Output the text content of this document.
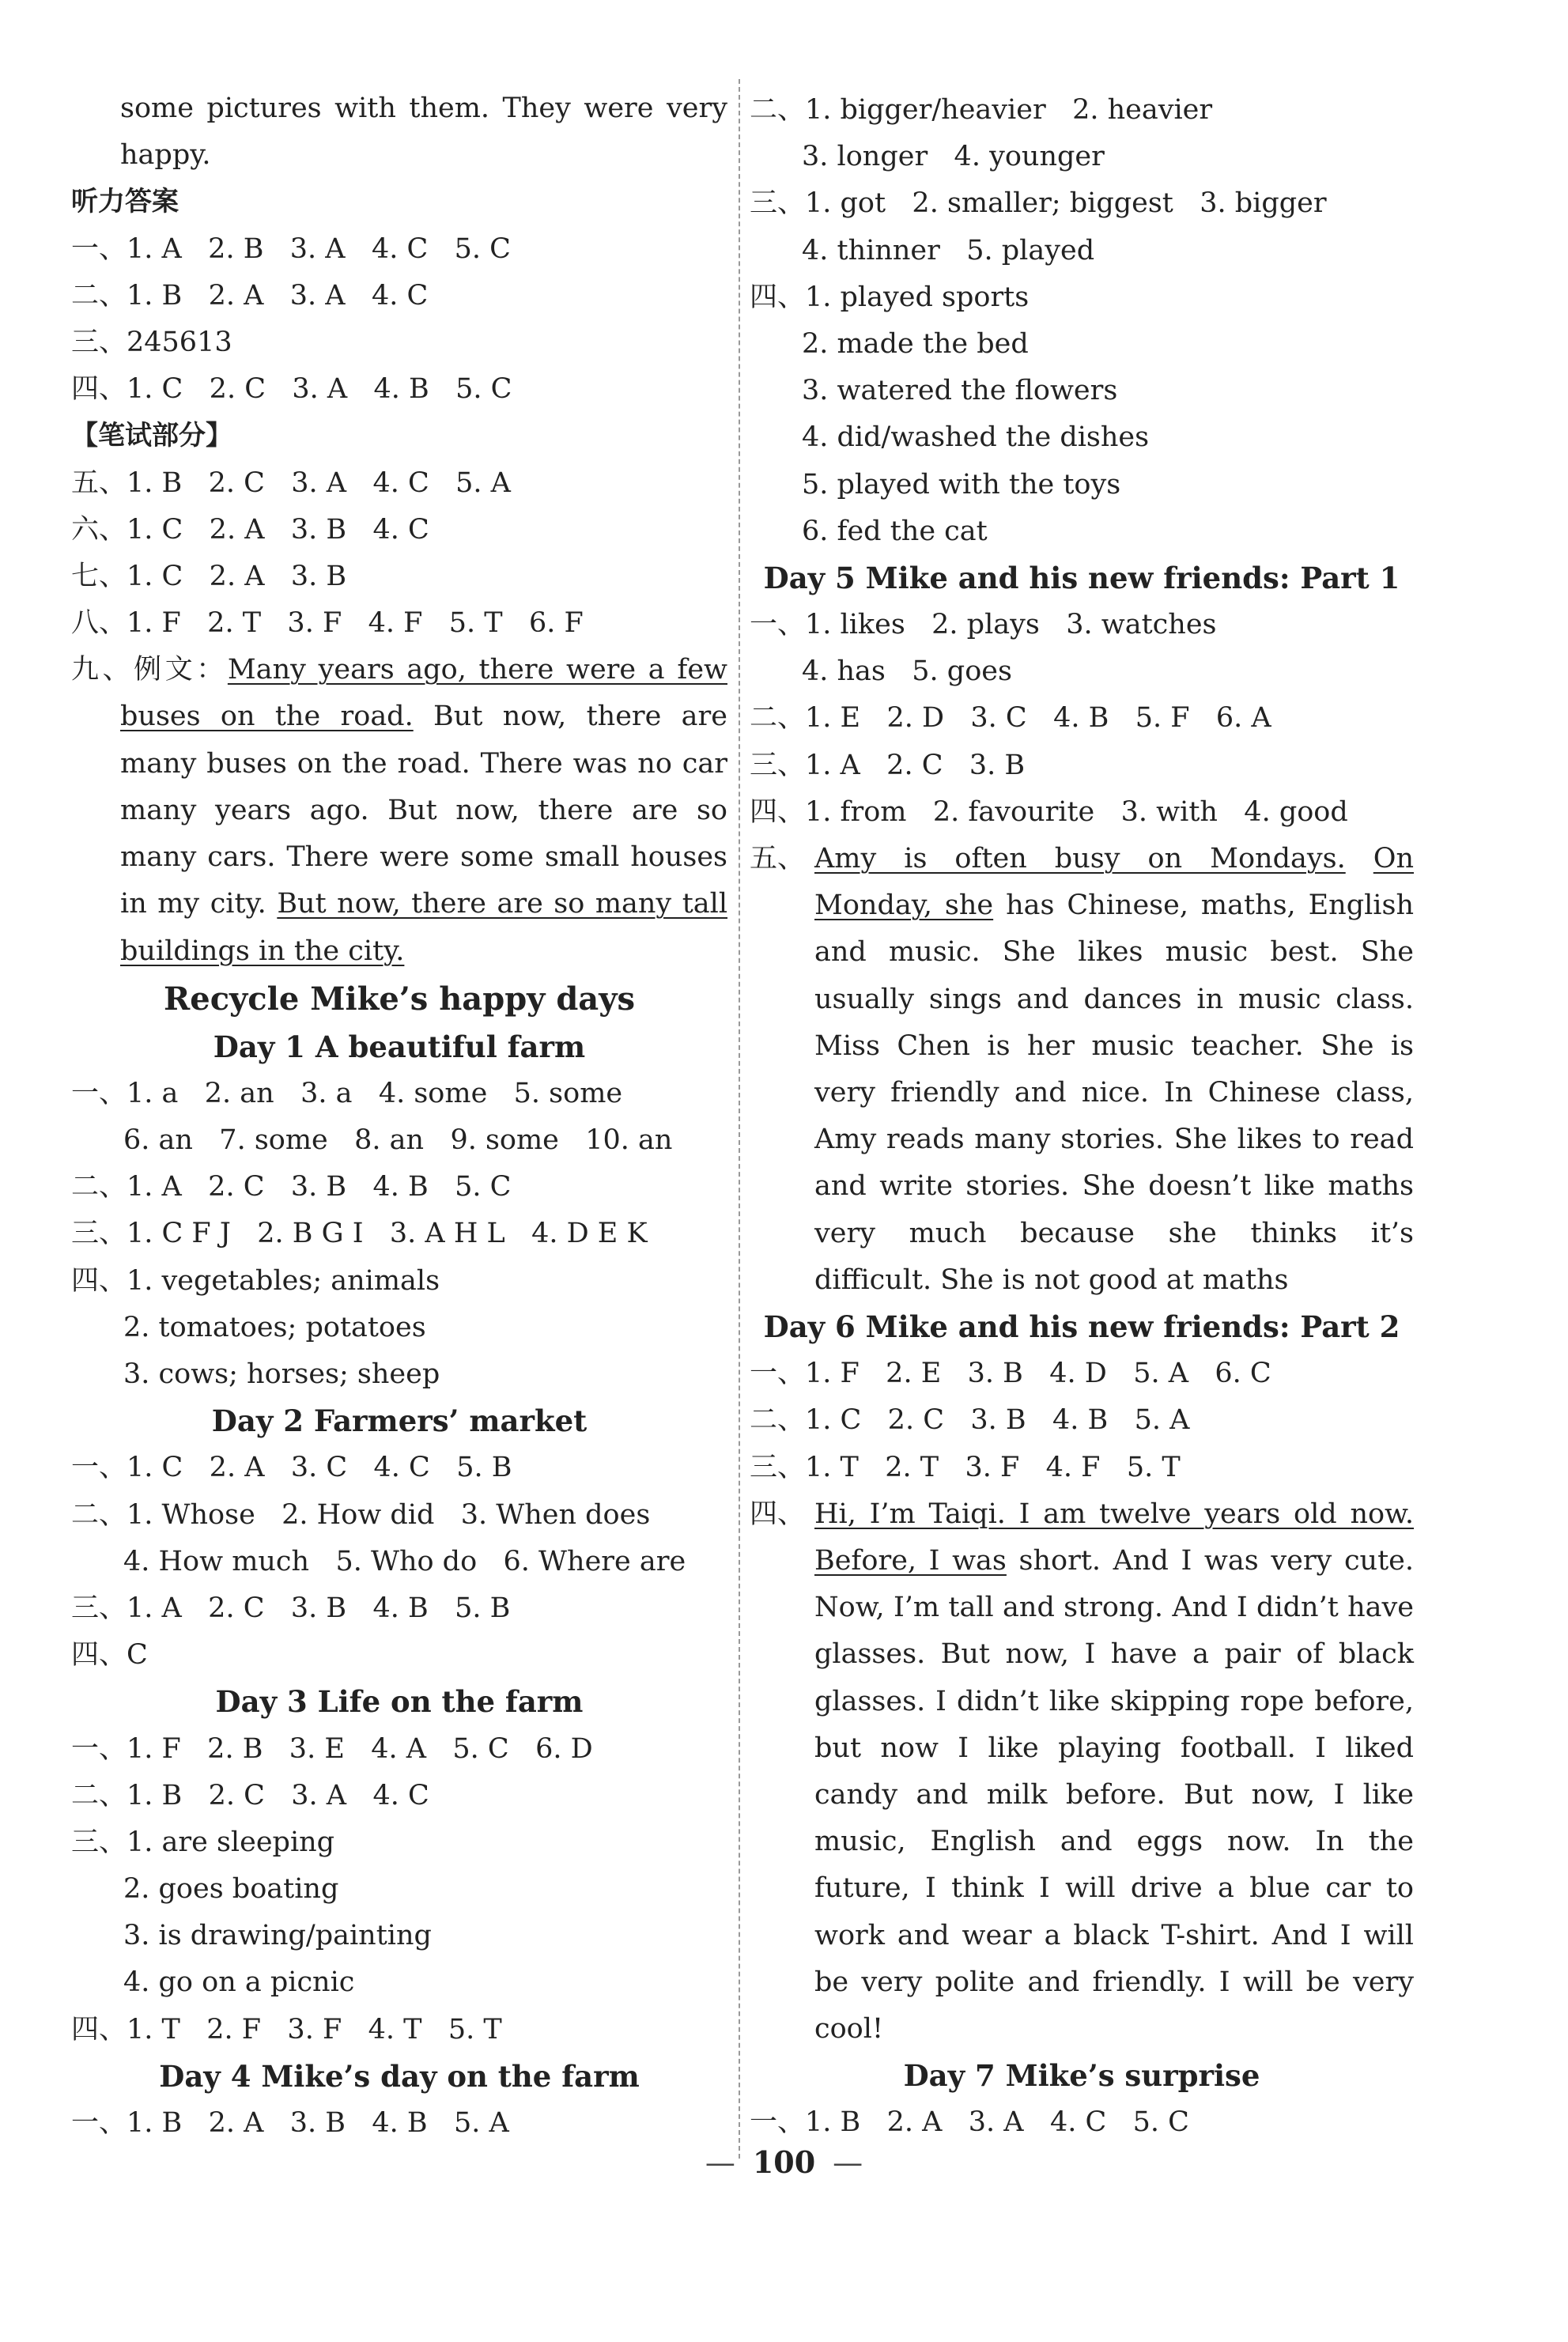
some pictures with them. They were very happy.
听力答案
一、1. A   2. B   3. A   4. C   5. C
二、1. B   2. A   3. A   4. C
三、245613
四、1. C   2. C   3. A   4. B   5. C
【笔试部分】
五、1. B   2. C   3. A   4. C   5. A
六、1. C   2. A   3. B   4. C
七、1. C   2. A   3. B
八、1. F   2. T   3. F   4. F   5. T   6. F
九、例文：Many years ago, there were a few buses on the road. But now, there are many buses on the road. There was no car many years ago. But now, there are so many cars. There were some small houses in my city. But now, there are so many tall buildings in the city.
Recycle Mike’s happy days
Day 1 A beautiful farm
一、1. a   2. an   3. a   4. some   5. some
6. an   7. some   8. an   9. some   10. an
二、1. A   2. C   3. B   4. B   5. C
三、1. C F J   2. B G I   3. A H L   4. D E K
四、1. vegetables; animals
2. tomatoes; potatoes
3. cows; horses; sheep
Day 2 Farmers’ market
一、1. C   2. A   3. C   4. C   5. B
二、1. Whose   2. How did   3. When does
4. How much   5. Who do   6. Where are
三、1. A   2. C   3. B   4. B   5. B
四、C
Day 3 Life on the farm
一、1. F   2. B   3. E   4. A   5. C   6. D
二、1. B   2. C   3. A   4. C
三、1. are sleeping
2. goes boating
3. is drawing/painting
4. go on a picnic
四、1. T   2. F   3. F   4. T   5. T
Day 4 Mike’s day on the farm
一、1. B   2. A   3. B   4. B   5. A
二、1. bigger/heavier   2. heavier
3. longer   4. younger
三、1. got   2. smaller; biggest   3. bigger
4. thinner   5. played
四、1. played sports
2. made the bed
3. watered the flowers
4. did/washed the dishes
5. played with the toys
6. fed the cat
Day 5 Mike and his new friends: Part 1
一、1. likes   2. plays   3. watches
4. has   5. goes
二、1. E   2. D   3. C   4. B   5. F   6. A
三、1. A   2. C   3. B
四、1. from   2. favourite   3. with   4. good
五、 Amy is often busy on Mondays. On Monday, she has Chinese, maths, English and music. She likes music best. She usually sings and dances in music class. Miss Chen is her music teacher. She is very friendly and nice. In Chinese class, Amy reads many stories. She likes to read and write stories. She doesn’t like maths very much because she thinks it’s difficult. She is not good at maths
Day 6 Mike and his new friends: Part 2
一、1. F   2. E   3. B   4. D   5. A   6. C
二、1. C   2. C   3. B   4. B   5. A
三、1. T   2. T   3. F   4. F   5. T
四、 Hi, I’m Taiqi. I am twelve years old now. Before, I was short. And I was very cute. Now, I’m tall and strong. And I didn’t have glasses. But now, I have a pair of black glasses. I didn’t like skipping rope before, but now I like playing football. I liked candy and milk before. But now, I like music, English and eggs now. In the future, I think I will drive a blue car to work and wear a black T-shirt. And I will be very polite and friendly. I will be very cool!
Day 7 Mike’s surprise
一、1. B   2. A   3. A   4. C   5. C
— 100 —
